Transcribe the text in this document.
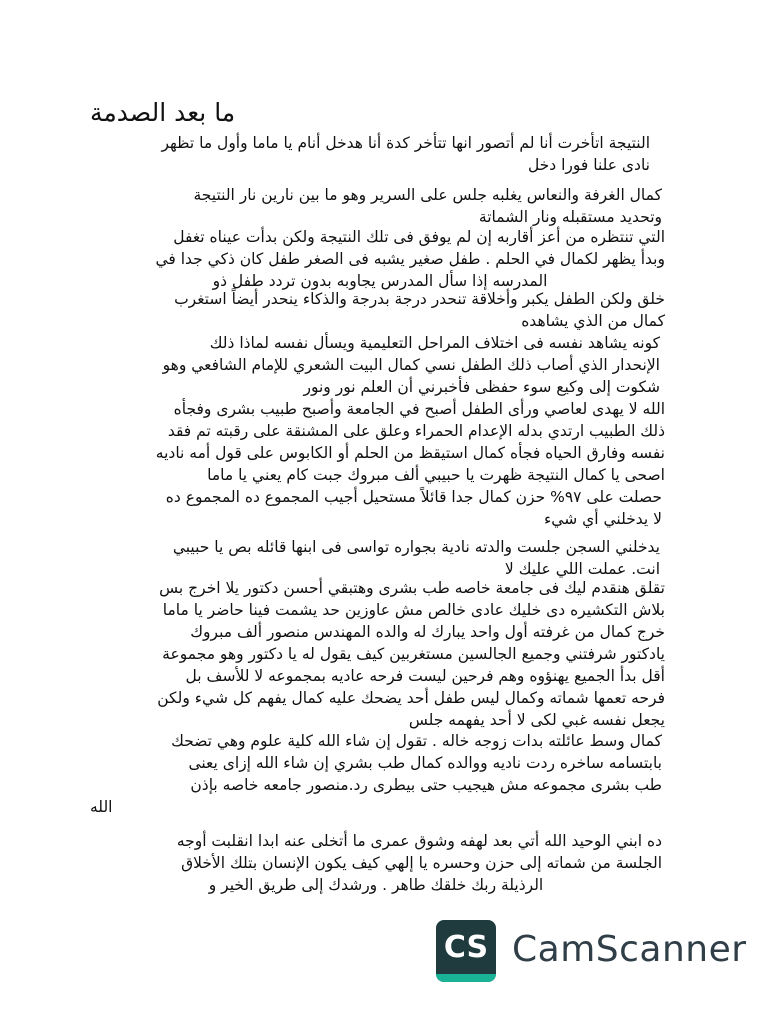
ما بعد الصدمة
النتيجة اتأخرت أنا لم أتصور انها تتأخر كدة أنا هدخل أنام يا ماما وأول ما تظهر
نادى علنا فورا دخل
كمال الغرفة والنعاس يغلبه جلس على السرير وهو ما بين نارين نار النتيجة
وتحديد مستقبله ونار الشماتة
التي تنتظره من أعز أقاربه إن لم يوفق فى تلك النتيجة ولكن بدأت عيناه تغفل
وبدأ يظهر لكمال في الحلم . طفل صغير يشبه فى الصغر طفل كان ذكي جدا في
المدرسه إذا سأل المدرس يجاوبه بدون تردد طفل ذو
خلق ولكن الطفل يكبر وأخلاقة تنحدر درجة بدرجة والذكاء ينحدر أيضاً استغرب
كمال من الذي يشاهده
كونه يشاهد نفسه فى اختلاف المراحل التعليمية ويسأل نفسه لماذا ذلك
الإنحدار الذي أصاب ذلك الطفل نسي كمال البيت الشعري للإمام الشافعي وهو
شكوت إلى وكيع سوء حفظى فأخبرني أن العلم نور ونور
الله لا يهدى لعاصي ورأى الطفل أصبح في الجامعة وأصبح طبيب بشرى وفجأه
ذلك الطبيب ارتدي بدله الإعدام الحمراء وعلق على المشنقة على رقبته تم فقد
نفسه وفارق الحياه فجأه كمال استيقظ من الحلم أو الكابوس على قول أمه ناديه
اصحى يا كمال النتيجة ظهرت يا حبيبي ألف مبروك جبت كام يعني يا ماما
حصلت على ٩٧% حزن كمال جدا قائلاً مستحيل أجيب المجموع ده المجموع ده
لا يدخلني أي شيء
يدخلني السجن جلست والدته نادية بجواره تواسى فى ابنها قائله بص يا حبيبي
انت. عملت اللي عليك لا
تقلق هنقدم ليك فى جامعة خاصه طب بشرى وهتبقي أحسن دكتور يلا اخرج بس
بلاش التكشيره دى خليك عادى خالص مش عاوزين حد يشمت فينا حاضر يا ماما
خرج كمال من غرفته أول واحد يبارك له والده المهندس منصور ألف مبروك
يادكتور شرفتني وجميع الجالسين مستغربين كيف يقول له يا دكتور وهو مجموعة
أقل بدأ الجميع يهنؤوه وهم فرحين ليست فرحه عاديه بمجموعه لا للأسف بل
فرحه تعمها شماته وكمال ليس طفل أحد يضحك عليه كمال يفهم كل شيء ولكن
يجعل نفسه غبي لكى لا أحد يفهمه جلس
كمال وسط عائلته بدات زوجه خاله . تقول إن شاء الله كلية علوم وهي تضحك
بابتسامه ساخره ردت ناديه ووالده كمال طب بشري إن شاء الله إزاى يعنى
طب بشرى مجموعه مش هيجيب حتى بيطرى رد.منصور جامعه خاصه بإذن
الله
ده ابني الوحيد الله أتي بعد لهفه وشوق عمرى ما أتخلى عنه ابدا انقلبت أوجه
الجلسة من شماته إلى حزن وحسره يا إلهي كيف يكون الإنسان بتلك الأخلاق
الرذيلة ربك خلقك طاهر . ورشدك إلى طريق الخير و
CS CamScanner
